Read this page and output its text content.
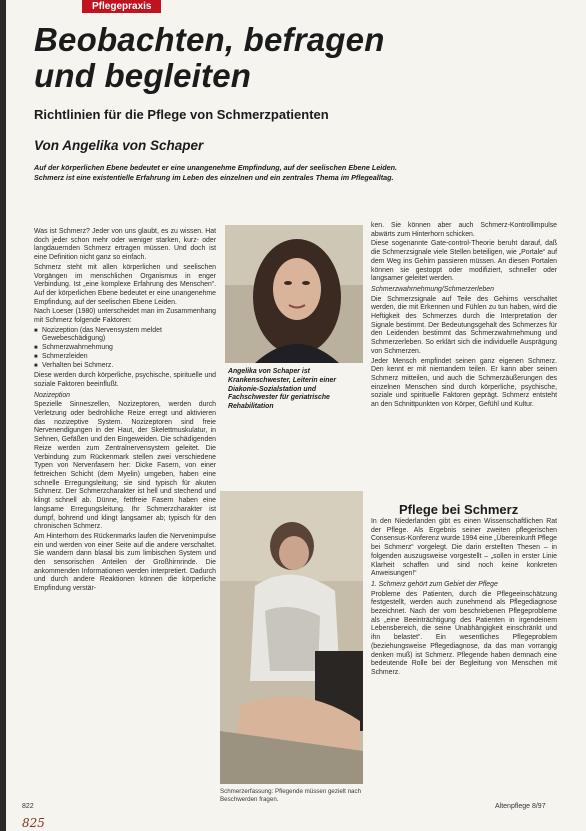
Pflegepraxis
Beobachten, befragen
und begleiten
Richtlinien für die Pflege von Schmerzpatienten
Von Angelika von Schaper
Auf der körperlichen Ebene bedeutet er eine unangenehme Empfindung, auf der seelischen Ebene Leiden.
Schmerz ist eine existentielle Erfahrung im Leben des einzelnen und ein zentrales Thema im Pflegealltag.

Was ist Schmerz? Jeder von uns glaubt, es zu wissen. Hat doch jeder schon mehr oder weniger starken, kurz- oder langdauernden Schmerz ertragen müssen. Und doch ist eine Definition nicht ganz so einfach.

Schmerz steht mit allen körperlichen und seelischen Vorgängen im menschlichen Organismus in enger Verbindung. Ist „eine komplexe Erfahrung des Menschen“. Auf der körperlichen Ebene bedeutet er eine unangenehme Empfindung, auf der seelischen Ebene Leiden.

Nach Loeser (1980) unterscheidet man im Zusammenhang mit Schmerz folgende Faktoren:

■ Nozizeption (das Nervensystem meldet Gewebeschädigung)
■ Schmerzwahrnehmung
■ Schmerzleiden
■ Verhalten bei Schmerz.

Diese werden durch körperliche, psychische, spirituelle und soziale Faktoren beeinflußt.

Nozizeption

Spezielle Sinneszellen, Nozizeptoren, werden durch Verletzung oder bedrohliche Reize erregt und aktivieren das nozizeptive System. Nozizeptoren sind freie Nervenendigungen in der Haut, der Skelettmuskulatur, in Sehnen, Gefäßen und den Eingeweiden. Die schädigenden Reize werden zum Zentralnervensystem geleitet. Die Verbindung zum Rückenmark stellen zwei verschiedene Typen von Nervenfasern her: Dicke Fasern, von einer fettreichen Schicht (dem Myelin) umgeben, haben eine schnelle Erregungsleitung; sie sind typisch für akuten Schmerz. Der Schmerzcharakter ist hell und stechend und klingt schnell ab. Dünne, fettfreie Fasern haben eine langsame Erregungsleitung. Ihr Schmerzcharakter ist dumpf, bohrend und klingt langsamer ab; typisch für den chronischen Schmerz.

Am Hinterhorn des Rückenmarks laufen die Nervenimpulse ein und werden von einer Seite auf die andere verschaltet. Sie wandern dann blasal bis zum limbischen System und den sensorischen Anteilen der Großhirnrinde. Die ankommenden Informationen werden interpretiert. Dadurch und durch andere Reaktionen können die körperliche Empfindung verstär-

Angelika von Schaper ist Krankenschwester, Leiterin einer Diakonie-Sozialstation und Fachschwester für geriatrische Rehabilitation

ken. Sie können aber auch Schmerz-Kontrollimpulse abwärts zum Hinterhorn schicken.

Diese sogenannte Gate-control-Theorie beruht darauf, daß die Schmerzsignale viele Stellen beteiligen, wie „Portale“ auf dem Weg ins Gehirn passieren müssen. An diesen Portalen können sie gestoppt oder modifiziert, schneller oder langsamer geleitet werden.

Schmerzwahrnehmung/Schmerzerleben

Die Schmerzsignale auf Teile des Gehirns verschaltet werden, die mit Erkennen und Fühlen zu tun haben, wird die Heftigkeit des Schmerzes durch die Interpretation der Signale bestimmt. Der Bedeutungsgehalt des Schmerzes für den Leidenden bestimmt das Schmerzwahrnehmung und Schmerzerleben. So erklärt sich die individuelle Ausprägung von Schmerzen.

Jeder Mensch empfindet seinen ganz eigenen Schmerz. Den kennt er mit niemandem teilen. Er kann aber seinen Schmerz mitteilen, und auch die Schmerzäußerungen des einzelnen Menschen sind durch körperliche, psychische, soziale und spirituelle Faktoren geprägt. Schmerz entsteht an den Schnittpunkten von Körper, Gefühl und Kultur.

Schmerzerfassung: Pflegende müssen gezielt nach Beschwerden fragen.
Pflege bei Schmerz

In den Niederlanden gibt es einen Wissenschaftlichen Rat der Pflege. Als Ergebnis seiner zweiten pflegerischen Consensus-Konferenz wurde 1994 eine „Übereinkunft Pflege bei Schmerz“ vorgelegt. Die darin erstellten Thesen – in folgenden auszugsweise vorgestellt – „sollen in erster Linie Klarheit schaffen und sind noch keine konkreten Anweisungen!“

1. Schmerz gehört zum Gebiet der Pflege

Probleme des Patienten, durch die Pflegeeinschätzung festgestellt, werden auch zunehmend als Pflegediagnose bezeichnet. Nach der vom beschriebenen Pflegeprobleme als „eine Beeinträchtigung des Patienten in irgendeinem Lebensbereich, die seine Unabhängigkeit einschränkt und ihn belastet“. Ein wesentliches Pflegeproblem (beziehungsweise Pflegediagnose, da das man vorrangig denken muß) ist Schmerz. Pflegende haben demnach eine bedeutende Rolle bei der Begleitung von Menschen mit Schmerz.

822	Altenpflege 8/97
825
